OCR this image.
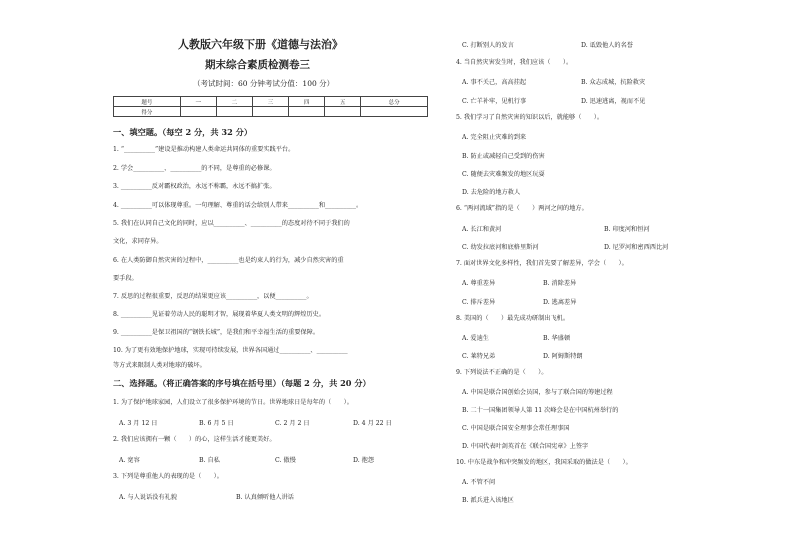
人教版六年级下册《道德与法治》
期末综合素质检测卷三
（考试时间：60 分钟考试分值：100 分）
题号	一	二	三	四	五	总分
得分						
一、填空题。（每空 2 分，共 32 分）
1. “__________”建设是推动构建人类命运共同体的重要实践平台。
2. 学会__________、__________的不同，是尊重的必修课。
3. __________反对霸权政治，永远不称霸，永远不搞扩张。
4. __________可以体现尊重。一句理解、尊重的话会给别人带来__________和__________。
5. 我们在认同自己文化的同时，应以__________、__________的态度对待不同于我们的
文化，求同存异。
6. 在人类防御自然灾害的过程中，__________也是约束人的行为，减少自然灾害的重
要手段。
7. 反思的过程很重要，反思的结果更应该__________，以便__________。
8. __________见证着劳动人民的聪明才智，展现着华夏人类文明的辉煌历史。
9. __________是保卫祖国的“钢铁长城”，是我们和平幸福生活的重要保障。
10. 为了更有效地保护地球，实现可持续发展，世界各国通过__________、__________
等方式来限制人类对地球的破坏。
二、选择题。（将正确答案的序号填在括号里）（每题 2 分，共 20 分）
1. 为了保护地球家园，人们设立了很多保护环境的节日。世界地球日是每年的（　　）。
A. 3 月 12 日	B. 6 月 5 日	C. 2 月 2 日	D. 4 月 22 日
2. 我们应该拥有一颗（　　）的心，这样生活才能更美好。
A. 宽容	B. 自私	C. 傲慢	D. 抱怨
3. 下列是尊重他人的表现的是（　　）。
A. 与人说话没有礼貌	B. 认真倾听他人讲话
C. 打断别人的发言	D. 诋毁他人的名誉
4. 当自然灾害发生时，我们应该（　　）。
A. 事不关己，高高挂起	B. 众志成城，抗险救灾
C. 亡羊补牢，见机行事	D. 迅速逃离，视而不见
5. 我们学习了自然灾害的知识以后，就能够（　　）。
A. 完全阻止灾难的到来
B. 防止或减轻自己受到的伤害
C. 随便去灾难频发的地区玩耍
D. 去危险的地方救人
6. “两河流域”指的是（　　）两河之间的地方。
A. 长江和黄河	B. 印度河和恒河
C. 幼发拉底河和底格里斯河	D. 尼罗河和密西西比河
7. 面对世界文化多样性，我们首先要了解差异，学会（　　）。
A. 尊重差异	B. 消除差异
C. 排斥差异	D. 逃离差异
8. 美国的（　　）最先成功研制出飞机。
A. 爱迪生	B. 华盛顿
C. 莱特兄弟	D. 阿姆斯特朗
9. 下列说法不正确的是（　　）。
A. 中国是联合国创始会员国，参与了联合国的筹建过程
B. 二十一国集团领导人第 11 次峰会是在中国杭州举行的
C. 中国是联合国安全理事会常任理事国
D. 中国代表叶剑英首在《联合国宪章》上签字
10. 中东是战争和冲突频发的地区，我国采取的做法是（　　）。
A. 不管不问
B. 派兵进入该地区
